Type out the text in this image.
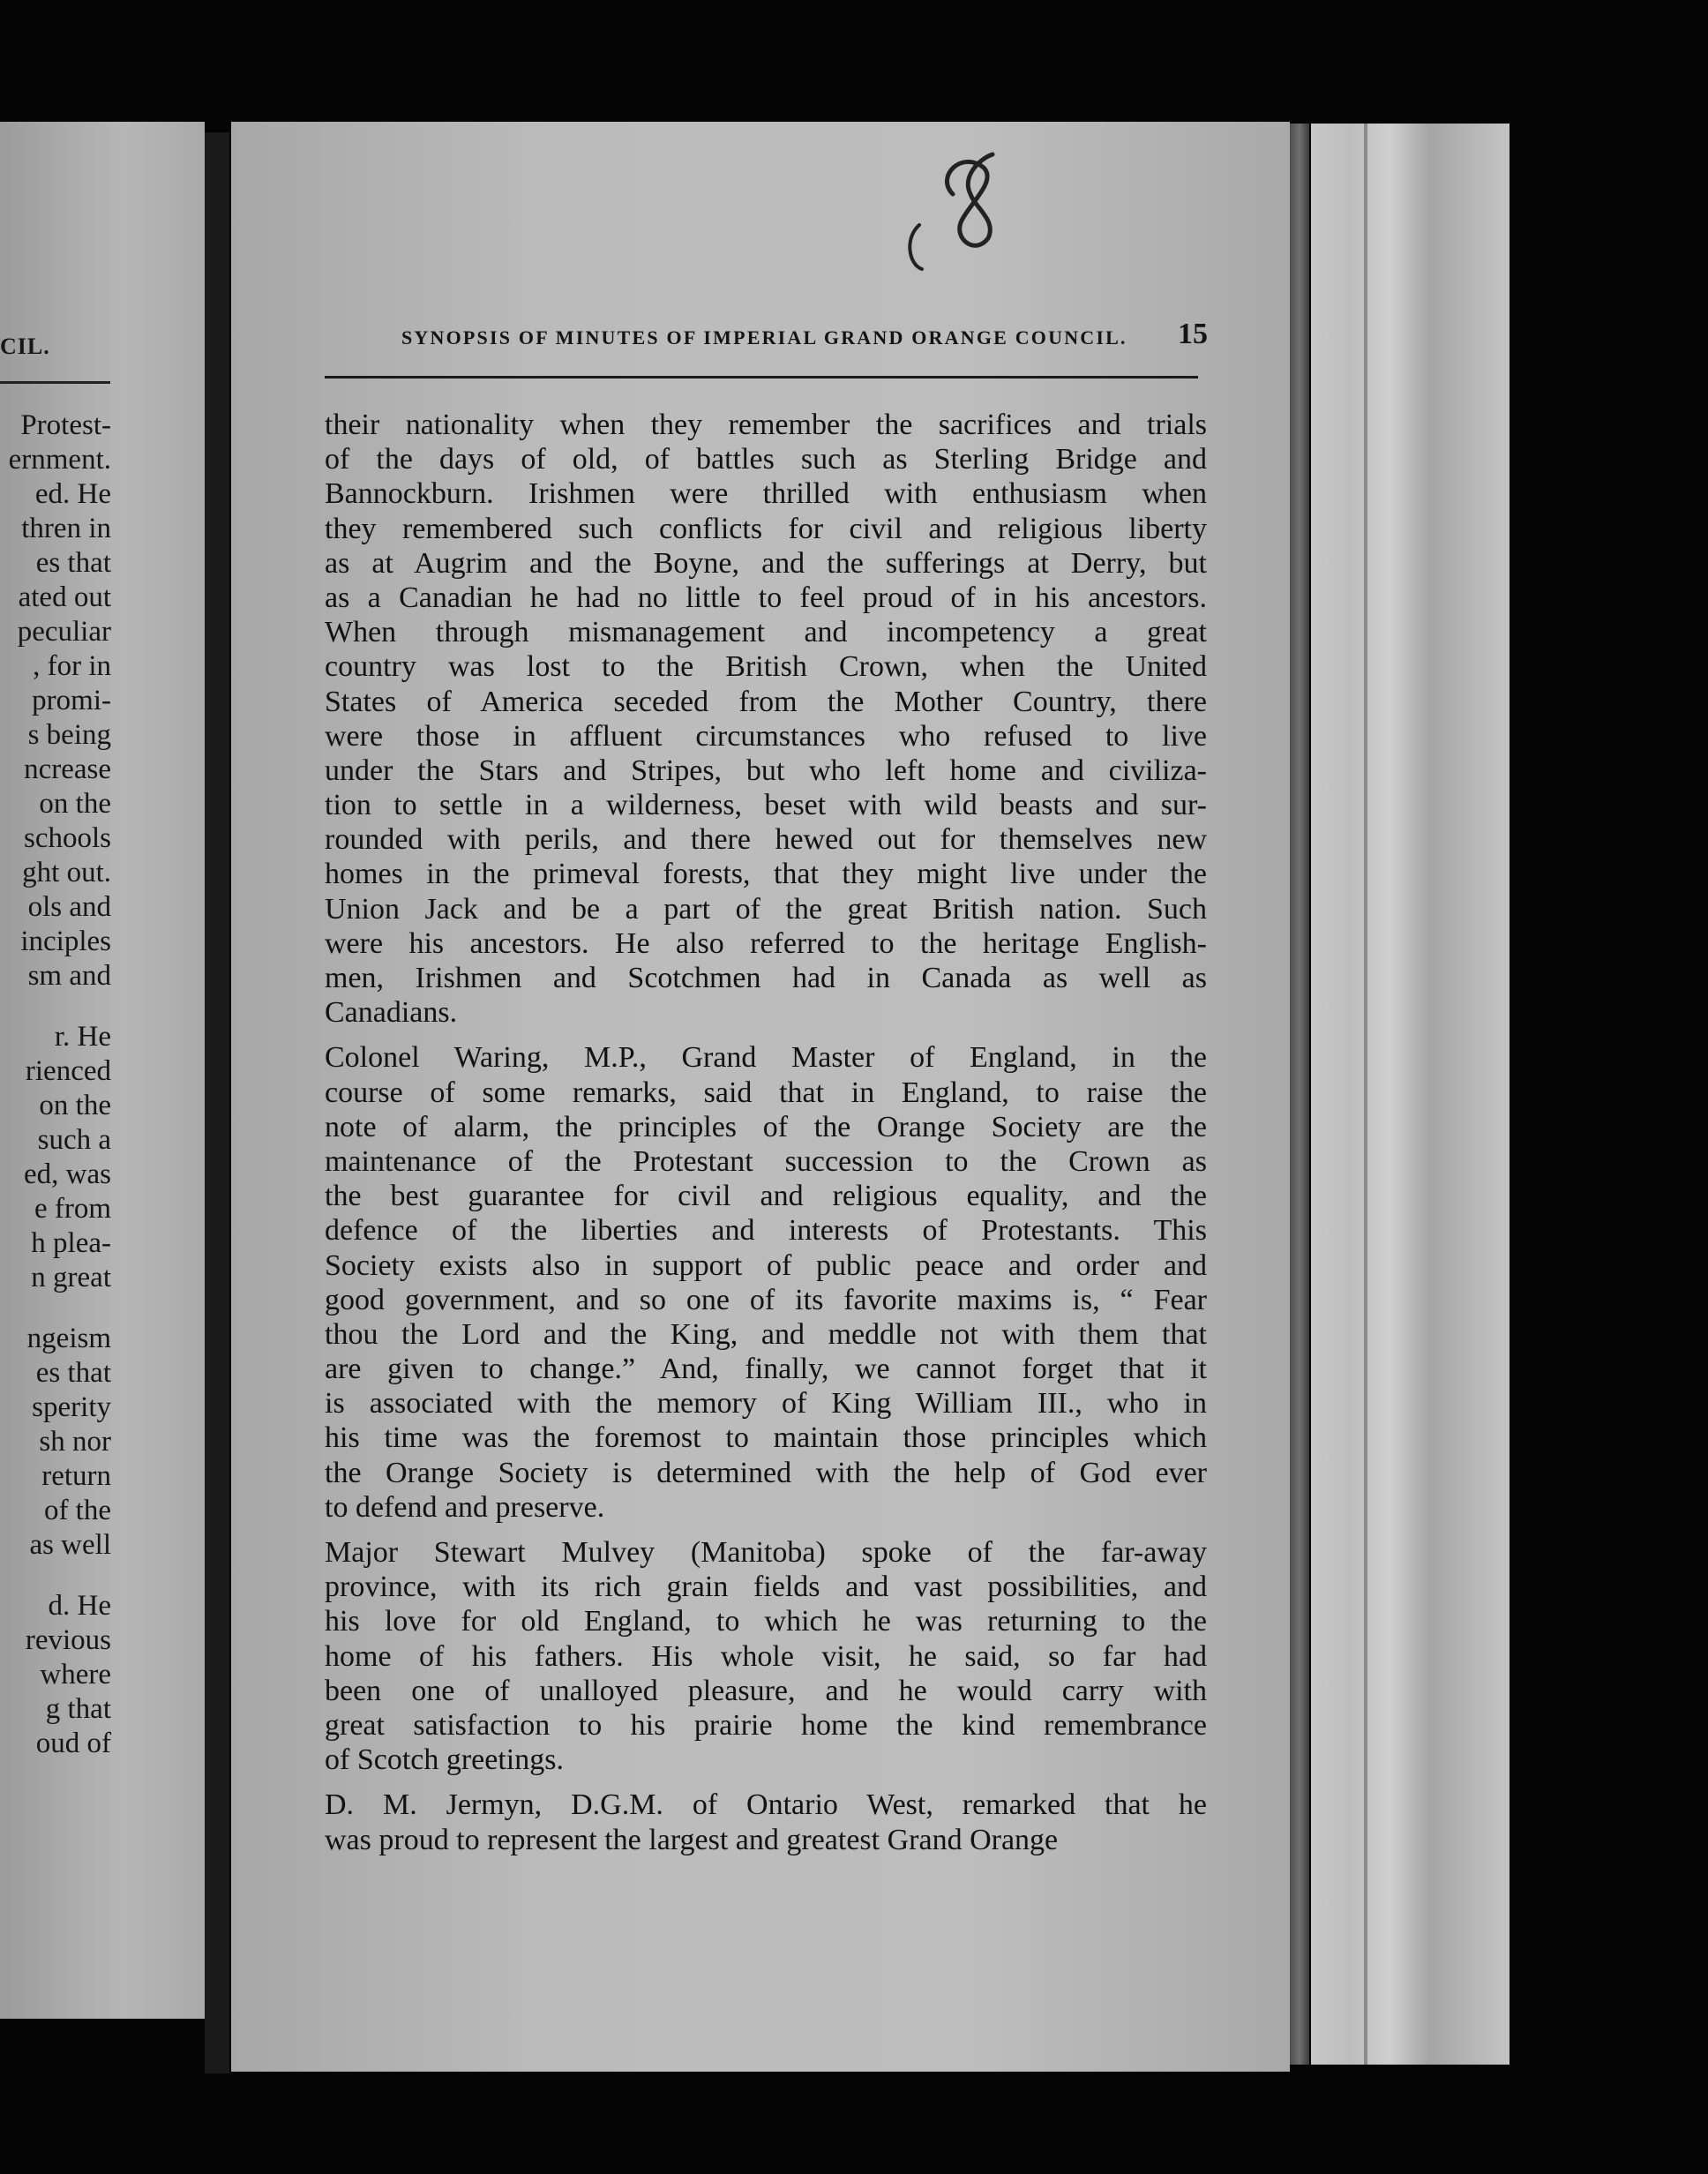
CIL.
Protest-
ernment.
ed. He
thren in
es that
ated out
peculiar
, for in
promi-
s being
ncrease
on the
schools
ght out.
ols and
inciples
sm and
r. He
rienced
on the
such a
ed, was
e from
h plea-
n great
ngeism
es that
sperity
sh nor
return
of the
as well
d. He
revious
where
g that
oud of
SYNOPSIS OF MINUTES OF IMPERIAL GRAND ORANGE COUNCIL. 15
their nationality when they remember the sacrifices and trials
of the days of old, of battles such as Sterling Bridge and
Bannockburn. Irishmen were thrilled with enthusiasm when
they remembered such conflicts for civil and religious liberty
as at Augrim and the Boyne, and the sufferings at Derry, but
as a Canadian he had no little to feel proud of in his ancestors.
When through mismanagement and incompetency a great
country was lost to the British Crown, when the United
States of America seceded from the Mother Country, there
were those in affluent circumstances who refused to live
under the Stars and Stripes, but who left home and civiliza-
tion to settle in a wilderness, beset with wild beasts and sur-
rounded with perils, and there hewed out for themselves new
homes in the primeval forests, that they might live under the
Union Jack and be a part of the great British nation. Such
were his ancestors. He also referred to the heritage English-
men, Irishmen and Scotchmen had in Canada as well as
Canadians.
Colonel Waring, M.P., Grand Master of England, in the
course of some remarks, said that in England, to raise the
note of alarm, the principles of the Orange Society are the
maintenance of the Protestant succession to the Crown as
the best guarantee for civil and religious equality, and the
defence of the liberties and interests of Protestants. This
Society exists also in support of public peace and order and
good government, and so one of its favorite maxims is, “ Fear
thou the Lord and the King, and meddle not with them that
are given to change.” And, finally, we cannot forget that it
is associated with the memory of King William III., who in
his time was the foremost to maintain those principles which
the Orange Society is determined with the help of God ever
to defend and preserve.
Major Stewart Mulvey (Manitoba) spoke of the far-away
province, with its rich grain fields and vast possibilities, and
his love for old England, to which he was returning to the
home of his fathers. His whole visit, he said, so far had
been one of unalloyed pleasure, and he would carry with
great satisfaction to his prairie home the kind remembrance
of Scotch greetings.
D. M. Jermyn, D.G.M. of Ontario West, remarked that he
was proud to represent the largest and greatest Grand Orange
